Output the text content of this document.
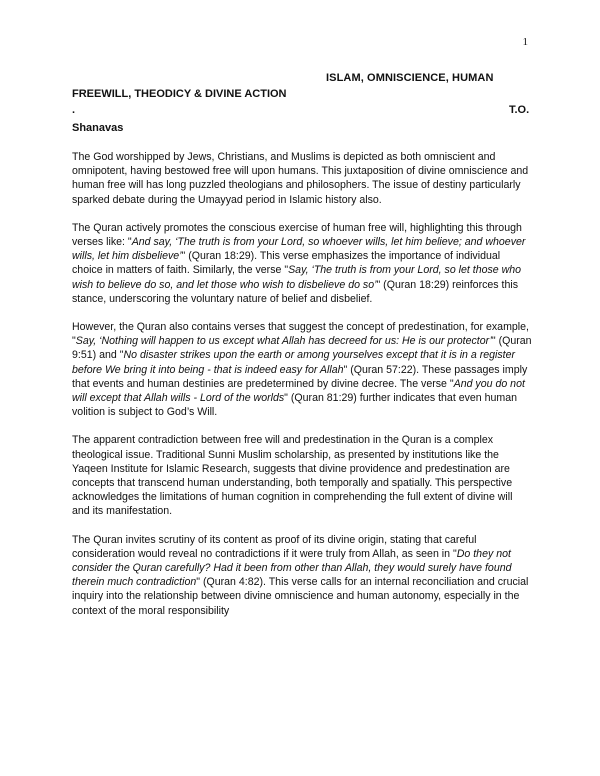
1
ISLAM, OMNISCIENCE, HUMAN
FREEWILL, THEODICY & DIVINE ACTION
.	T.O.
Shanavas

The God worshipped by Jews, Christians, and Muslims is depicted as both omniscient and omnipotent, having bestowed free will upon humans. This juxtaposition of divine omniscience and human free will has long puzzled theologians and philosophers. The issue of destiny particularly sparked debate during the Umayyad period in Islamic history also.

The Quran actively promotes the conscious exercise of human free will, highlighting this through verses like: "And say, ‘The truth is from your Lord, so whoever wills, let him believe; and whoever wills, let him disbelieve’" (Quran 18:29). This verse emphasizes the importance of individual choice in matters of faith. Similarly, the verse "Say, ‘The truth is from your Lord, so let those who wish to believe do so, and let those who wish to disbelieve do so’" (Quran 18:29) reinforces this stance, underscoring the voluntary nature of belief and disbelief.

However, the Quran also contains verses that suggest the concept of predestination, for example, "Say, ‘Nothing will happen to us except what Allah has decreed for us: He is our protector’" (Quran 9:51) and "No disaster strikes upon the earth or among yourselves except that it is in a register before We bring it into being - that is indeed easy for Allah" (Quran 57:22). These passages imply that events and human destinies are predetermined by divine decree. The verse "And you do not will except that Allah wills - Lord of the worlds" (Quran 81:29) further indicates that even human volition is subject to God’s Will.

The apparent contradiction between free will and predestination in the Quran is a complex theological issue. Traditional Sunni Muslim scholarship, as presented by institutions like the Yaqeen Institute for Islamic Research, suggests that divine providence and predestination are concepts that transcend human understanding, both temporally and spatially. This perspective acknowledges the limitations of human cognition in comprehending the full extent of divine will and its manifestation.

The Quran invites scrutiny of its content as proof of its divine origin, stating that careful consideration would reveal no contradictions if it were truly from Allah, as seen in "Do they not consider the Quran carefully? Had it been from other than Allah, they would surely have found therein much contradiction" (Quran 4:82). This verse calls for an internal reconciliation and crucial inquiry into the relationship between divine omniscience and human autonomy, especially in the context of the moral responsibility
